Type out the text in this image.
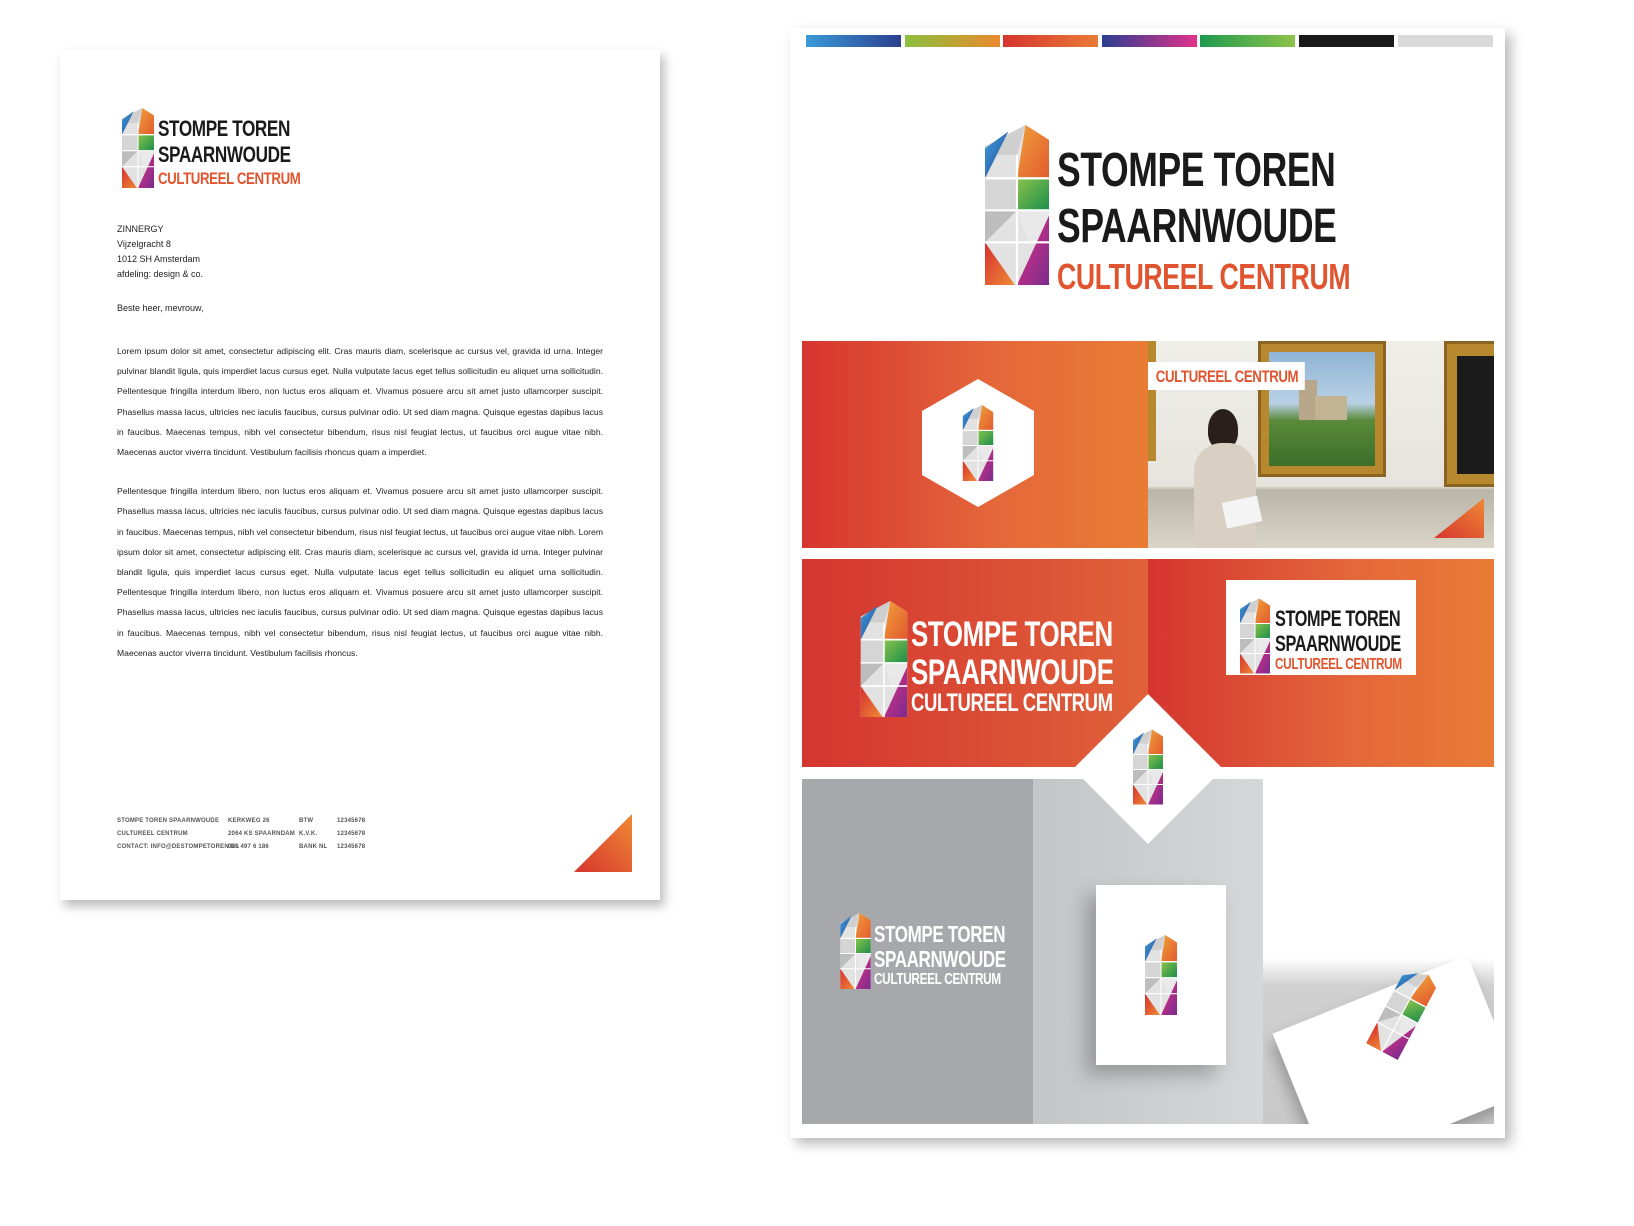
STOMPE TOREN
SPAARNWOUDE
CULTUREEL CENTRUM
ZINNERGY
Vijzelgracht 8
1012 SH Amsterdam
afdeling: design & co.
Beste heer, mevrouw,

Lorem ipsum dolor sit amet, consectetur adipiscing elit. Cras mauris diam, scelerisque ac cursus vel, gravida id urna. Integer pulvinar blandit ligula, quis imperdiet lacus cursus eget. Nulla vulputate lacus eget tellus sollicitudin eu aliquet urna sollicitudin. Pellentesque fringilla interdum libero, non luctus eros aliquam et. Vivamus posuere arcu sit amet justo ullamcorper suscipit. Phasellus massa lacus, ultricies nec iaculis faucibus, cursus pulvinar odio. Ut sed diam magna. Quisque egestas dapibus lacus in faucibus. Maecenas tempus, nibh vel consectetur bibendum, risus nisl feugiat lectus, ut faucibus orci augue vitae nibh. Maecenas auctor viverra tincidunt. Vestibulum facilisis rhoncus quam a imperdiet.

Pellentesque fringilla interdum libero, non luctus eros aliquam et. Vivamus posuere arcu sit amet justo ullamcorper suscipit. Phasellus massa lacus, ultricies nec iaculis faucibus, cursus pulvinar odio. Ut sed diam magna. Quisque egestas dapibus lacus in faucibus. Maecenas tempus, nibh vel consectetur bibendum, risus nisl feugiat lectus, ut faucibus orci augue vitae nibh. Lorem ipsum dolor sit amet, consectetur adipiscing elit. Cras mauris diam, scelerisque ac cursus vel, gravida id urna. Integer pulvinar blandit ligula, quis imperdiet lacus cursus eget. Nulla vulputate lacus eget tellus sollicitudin eu aliquet urna sollicitudin. Pellentesque fringilla interdum libero, non luctus eros aliquam et. Vivamus posuere arcu sit amet justo ullamcorper suscipit. Phasellus massa lacus, ultricies nec iaculis faucibus, cursus pulvinar odio. Ut sed diam magna. Quisque egestas dapibus lacus in faucibus. Maecenas tempus, nibh vel consectetur bibendum, risus nisl feugiat lectus, ut faucibus orci augue vitae nibh. Maecenas auctor viverra tincidunt. Vestibulum facilisis rhoncus.

STOMPE TOREN SPAARNWOUDE
CULTUREEL CENTRUM
CONTACT: INFO@DESTOMPETOREN.NL
KERKWEG 26
2064 KS SPAARNDAM
020 497 6 186
BTW
K.V.K.
BANK NL
12345678
12345678
12345678
STOMPE TOREN
SPAARNWOUDE
CULTUREEL CENTRUM
CULTUREEL CENTRUM
STOMPE TOREN
SPAARNWOUDE
CULTUREEL CENTRUM
STOMPE TOREN
SPAARNWOUDE
CULTUREEL CENTRUM
STOMPE TOREN
SPAARNWOUDE
CULTUREEL CENTRUM
